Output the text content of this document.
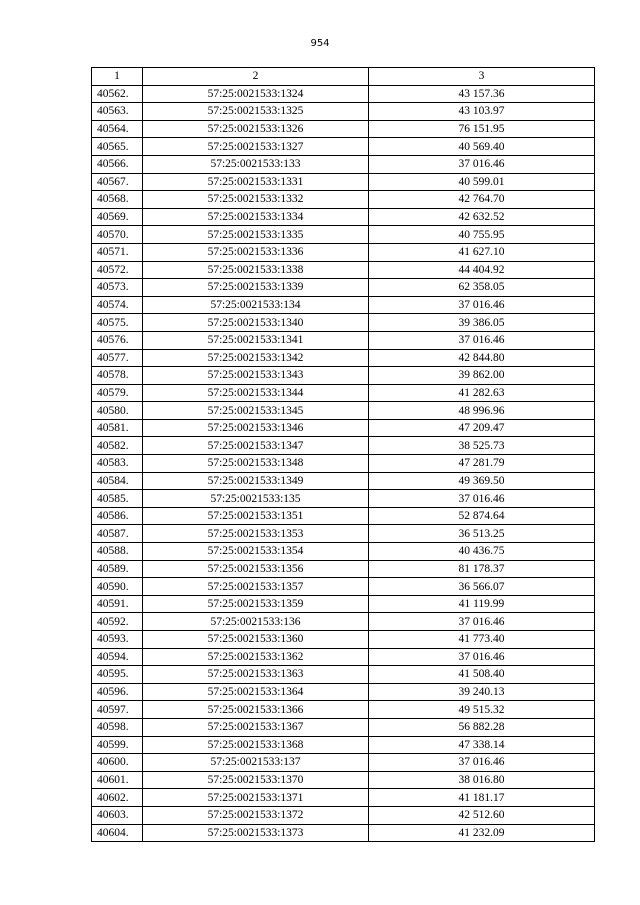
954
1	2	3
40562.	57:25:0021533:1324	43 157.36
40563.	57:25:0021533:1325	43 103.97
40564.	57:25:0021533:1326	76 151.95
40565.	57:25:0021533:1327	40 569.40
40566.	57:25:0021533:133	37 016.46
40567.	57:25:0021533:1331	40 599.01
40568.	57:25:0021533:1332	42 764.70
40569.	57:25:0021533:1334	42 632.52
40570.	57:25:0021533:1335	40 755.95
40571.	57:25:0021533:1336	41 627.10
40572.	57:25:0021533:1338	44 404.92
40573.	57:25:0021533:1339	62 358.05
40574.	57:25:0021533:134	37 016.46
40575.	57:25:0021533:1340	39 386.05
40576.	57:25:0021533:1341	37 016.46
40577.	57:25:0021533:1342	42 844.80
40578.	57:25:0021533:1343	39 862.00
40579.	57:25:0021533:1344	41 282.63
40580.	57:25:0021533:1345	48 996.96
40581.	57:25:0021533:1346	47 209.47
40582.	57:25:0021533:1347	38 525.73
40583.	57:25:0021533:1348	47 281.79
40584.	57:25:0021533:1349	49 369.50
40585.	57:25:0021533:135	37 016.46
40586.	57:25:0021533:1351	52 874.64
40587.	57:25:0021533:1353	36 513.25
40588.	57:25:0021533:1354	40 436.75
40589.	57:25:0021533:1356	81 178.37
40590.	57:25:0021533:1357	36 566.07
40591.	57:25:0021533:1359	41 119.99
40592.	57:25:0021533:136	37 016.46
40593.	57:25:0021533:1360	41 773.40
40594.	57:25:0021533:1362	37 016.46
40595.	57:25:0021533:1363	41 508.40
40596.	57:25:0021533:1364	39 240.13
40597.	57:25:0021533:1366	49 515.32
40598.	57:25:0021533:1367	56 882.28
40599.	57:25:0021533:1368	47 338.14
40600.	57:25:0021533:137	37 016.46
40601.	57:25:0021533:1370	38 016.80
40602.	57:25:0021533:1371	41 181.17
40603.	57:25:0021533:1372	42 512.60
40604.	57:25:0021533:1373	41 232.09
